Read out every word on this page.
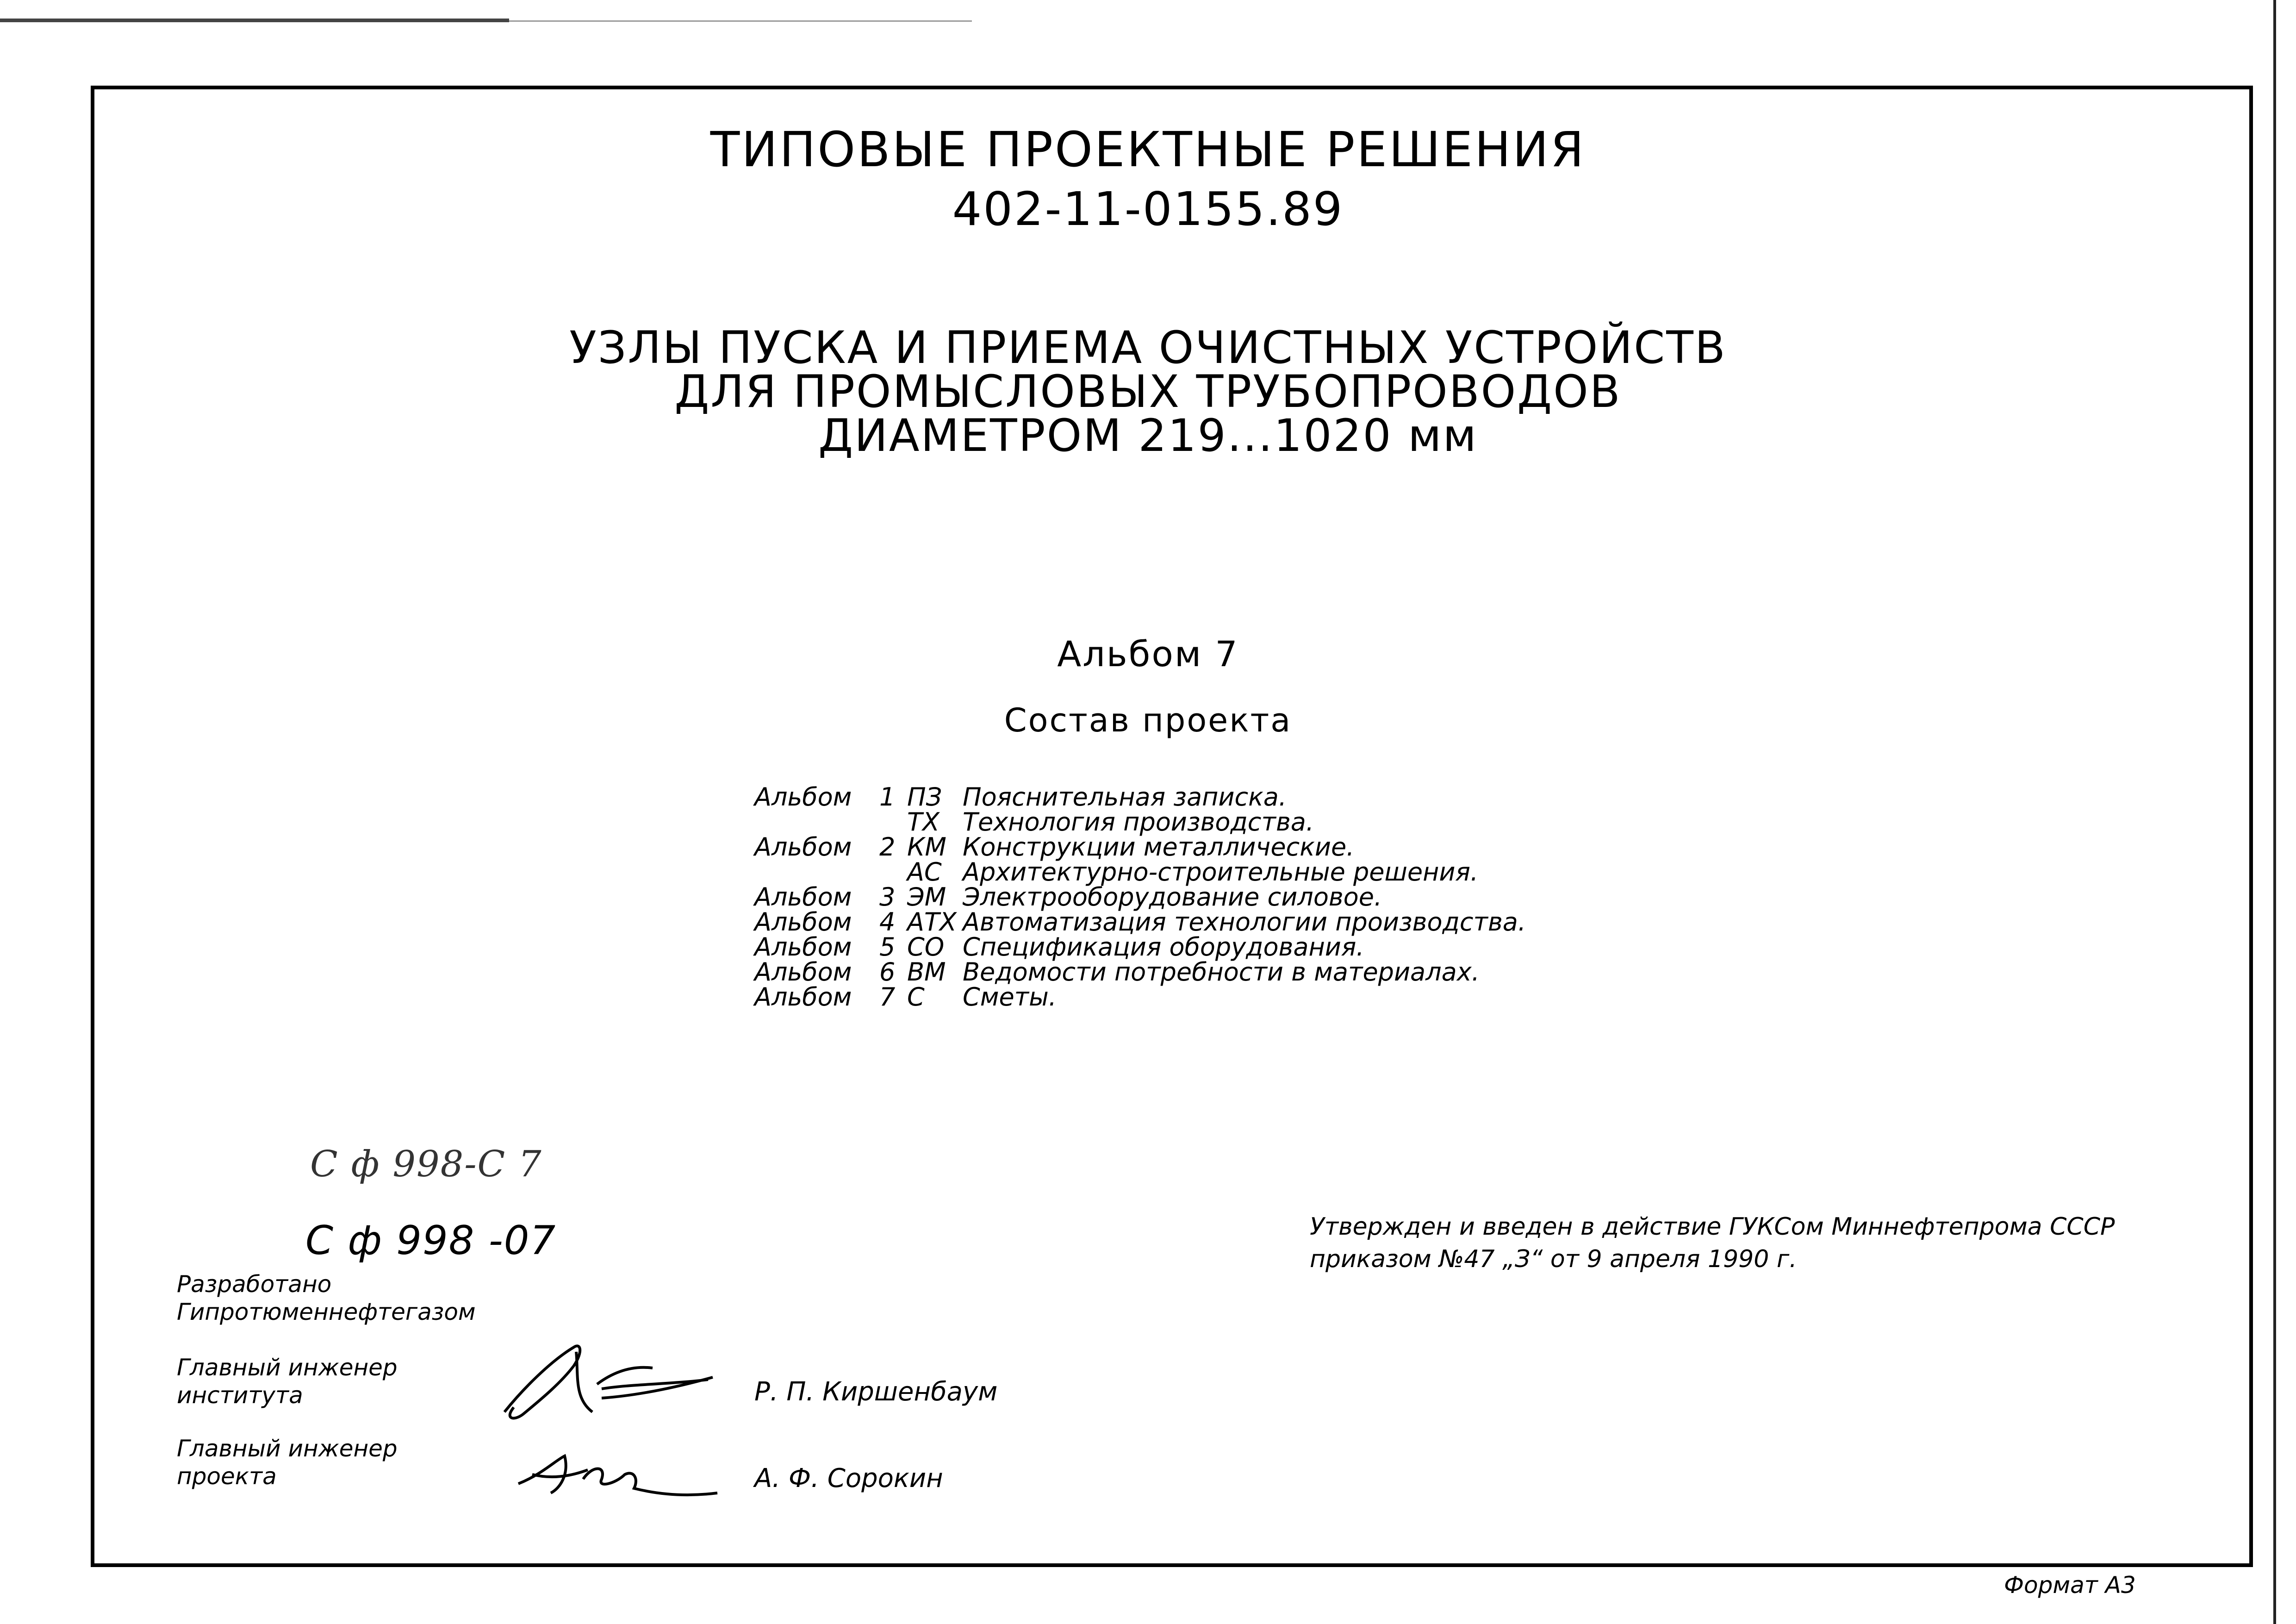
ТИПОВЫЕ ПРОЕКТНЫЕ РЕШЕНИЯ
402-11-0155.89
УЗЛЫ ПУСКА И ПРИЕМА ОЧИСТНЫХ УСТРОЙСТВ
ДЛЯ ПРОМЫСЛОВЫХ ТРУБОПРОВОДОВ
ДИАМЕТРОМ 219...1020 мм
Альбом 7
Состав проекта
Альбом	1 ПЗ Пояснительная записка.
ТХ Технология производства.
Альбом	2 КМ Конструкции металлические.
АС Архитектурно-строительные решения.
Альбом	3 ЭМ Электрооборудование силовое.
Альбом	4 АТХ Автоматизация технологии производства.
Альбом	5 СО Спецификация оборудования.
Альбом	6 ВМ Ведомости потребности в материалах.
Альбом	7 С	Сметы.
С ф 998-С 7
С ф 998 -07
Разработано
Гипротюменнефтегазом
Главный инженер
института	Р. П. Киршенбаум
Главный инженер
проекта	А. Ф. Сорокин
Утвержден и введен в действие ГУКСом Миннефтепрома СССР
приказом №47 „З“ от 9 апреля 1990 г.
Формат А3
